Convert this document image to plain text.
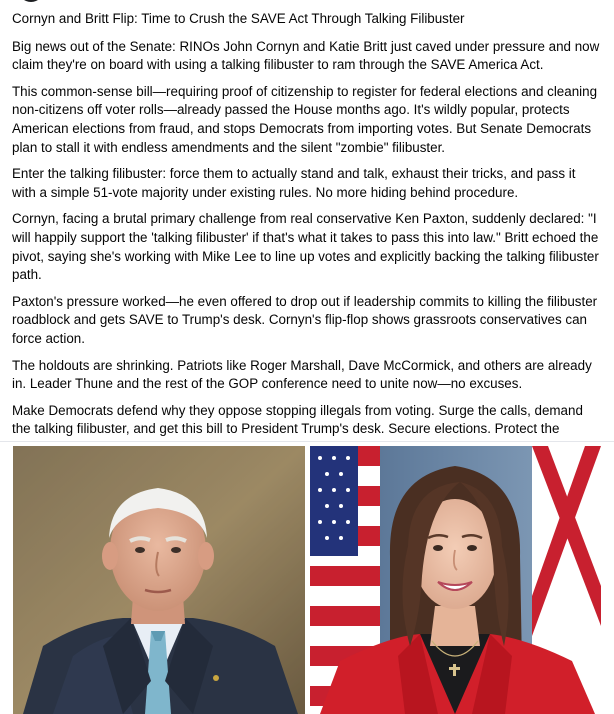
Cornyn and Britt Flip: Time to Crush the SAVE Act Through Talking Filibuster

Big news out of the Senate: RINOs John Cornyn and Katie Britt just caved under pressure and now claim they're on board with using a talking filibuster to ram through the SAVE America Act.

This common-sense bill—requiring proof of citizenship to register for federal elections and cleaning non-citizens off voter rolls—already passed the House months ago. It's wildly popular, protects American elections from fraud, and stops Democrats from importing votes. But Senate Democrats plan to stall it with endless amendments and the silent "zombie" filibuster.

Enter the talking filibuster: force them to actually stand and talk, exhaust their tricks, and pass it with a simple 51-vote majority under existing rules. No more hiding behind procedure.

Cornyn, facing a brutal primary challenge from real conservative Ken Paxton, suddenly declared: "I will happily support the 'talking filibuster' if that's what it takes to pass this into law." Britt echoed the pivot, saying she's working with Mike Lee to line up votes and explicitly backing the talking filibuster path.

Paxton's pressure worked—he even offered to drop out if leadership commits to killing the filibuster roadblock and gets SAVE to Trump's desk. Cornyn's flip-flop shows grassroots conservatives can force action.

The holdouts are shrinking. Patriots like Roger Marshall, Dave McCormick, and others are already in. Leader Thune and the rest of the GOP conference need to unite now—no excuses.

Make Democrats defend why they oppose stopping illegals from voting. Surge the calls, demand the talking filibuster, and get this bill to President Trump's desk. Secure elections. Protect the
